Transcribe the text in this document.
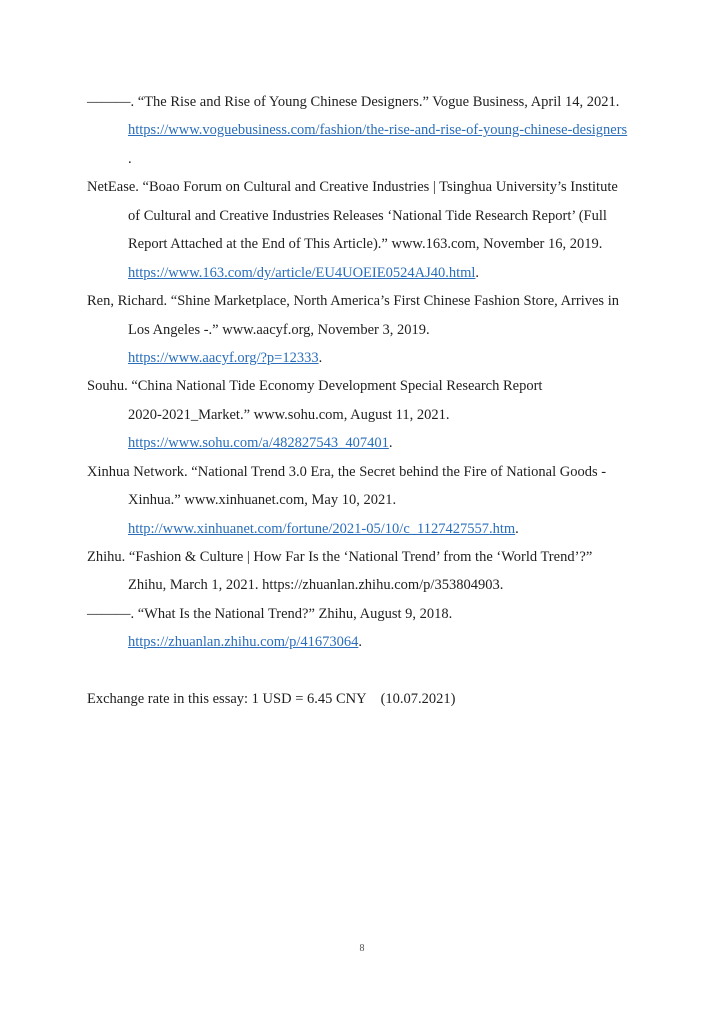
———. “The Rise and Rise of Young Chinese Designers.” Vogue Business, April 14, 2021.
https://www.voguebusiness.com/fashion/the-rise-and-rise-of-young-chinese-designers
.
NetEase. “Boao Forum on Cultural and Creative Industries | Tsinghua University’s Institute
of Cultural and Creative Industries Releases ‘National Tide Research Report’ (Full
Report Attached at the End of This Article).” www.163.com, November 16, 2019.
https://www.163.com/dy/article/EU4UOEIE0524AJ40.html.
Ren, Richard. “Shine Marketplace, North America’s First Chinese Fashion Store, Arrives in
Los Angeles -.” www.aacyf.org, November 3, 2019.
https://www.aacyf.org/?p=12333.
Souhu. “China National Tide Economy Development Special Research Report
2020-2021_Market.” www.sohu.com, August 11, 2021.
https://www.sohu.com/a/482827543_407401.
Xinhua Network. “National Trend 3.0 Era, the Secret behind the Fire of National Goods -
Xinhua.” www.xinhuanet.com, May 10, 2021.
http://www.xinhuanet.com/fortune/2021-05/10/c_1127427557.htm.
Zhihu. “Fashion & Culture | How Far Is the ‘National Trend’ from the ‘World Trend’?”
Zhihu, March 1, 2021. https://zhuanlan.zhihu.com/p/353804903.
———. “What Is the National Trend?” Zhihu, August 9, 2018.
https://zhuanlan.zhihu.com/p/41673064.

Exchange rate in this essay: 1 USD = 6.45 CNY    (10.07.2021)

8
